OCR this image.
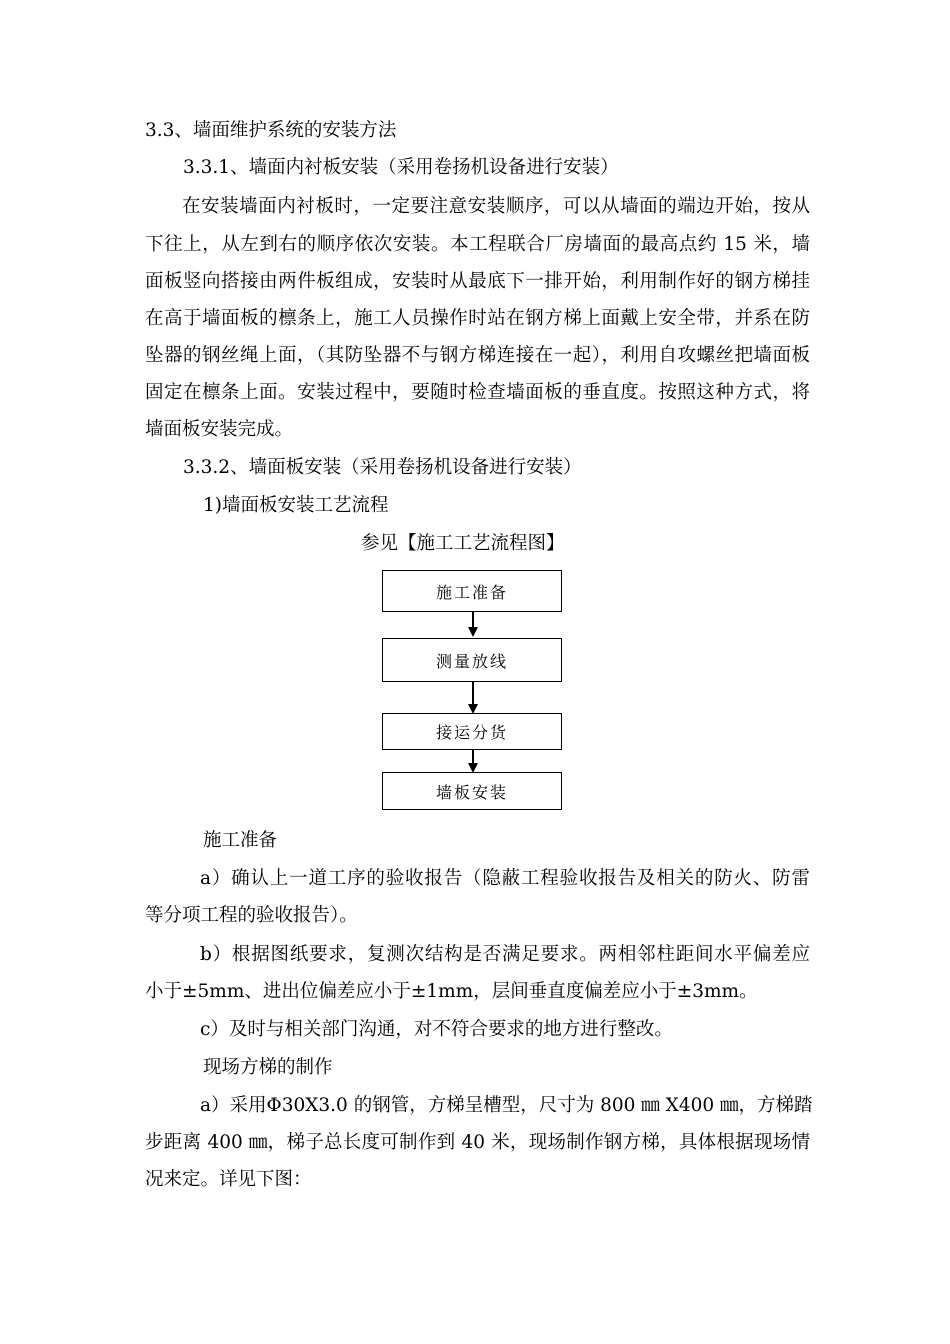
3.3、墙面维护系统的安装方法
3.3.1、墙面内衬板安装（采用卷扬机设备进行安装）
在安装墙面内衬板时，一定要注意安装顺序，可以从墙面的端边开始，按从
下往上，从左到右的顺序依次安装。本工程联合厂房墙面的最高点约 15 米，墙
面板竖向搭接由两件板组成，安装时从最底下一排开始，利用制作好的钢方梯挂
在高于墙面板的檩条上，施工人员操作时站在钢方梯上面戴上安全带，并系在防
坠器的钢丝绳上面，（其防坠器不与钢方梯连接在一起），利用自攻螺丝把墙面板
固定在檩条上面。安装过程中，要随时检查墙面板的垂直度。按照这种方式，将
墙面板安装完成。
3.3.2、墙面板安装（采用卷扬机设备进行安装）
1)墙面板安装工艺流程
参见【施工工艺流程图】
施工准备
测量放线
接运分货
墙板安装
施工准备
a）确认上一道工序的验收报告（隐蔽工程验收报告及相关的防火、防雷
等分项工程的验收报告）。
b）根据图纸要求，复测次结构是否满足要求。两相邻柱距间水平偏差应
小于±5mm、进出位偏差应小于±1mm，层间垂直度偏差应小于±3mm。
c）及时与相关部门沟通，对不符合要求的地方进行整改。
现场方梯的制作
a）采用Φ30X3.0 的钢管，方梯呈槽型，尺寸为 800 ㎜ X400 ㎜，方梯踏
步距离 400 ㎜，梯子总长度可制作到 40 米，现场制作钢方梯，具体根据现场情
况来定。详见下图：
